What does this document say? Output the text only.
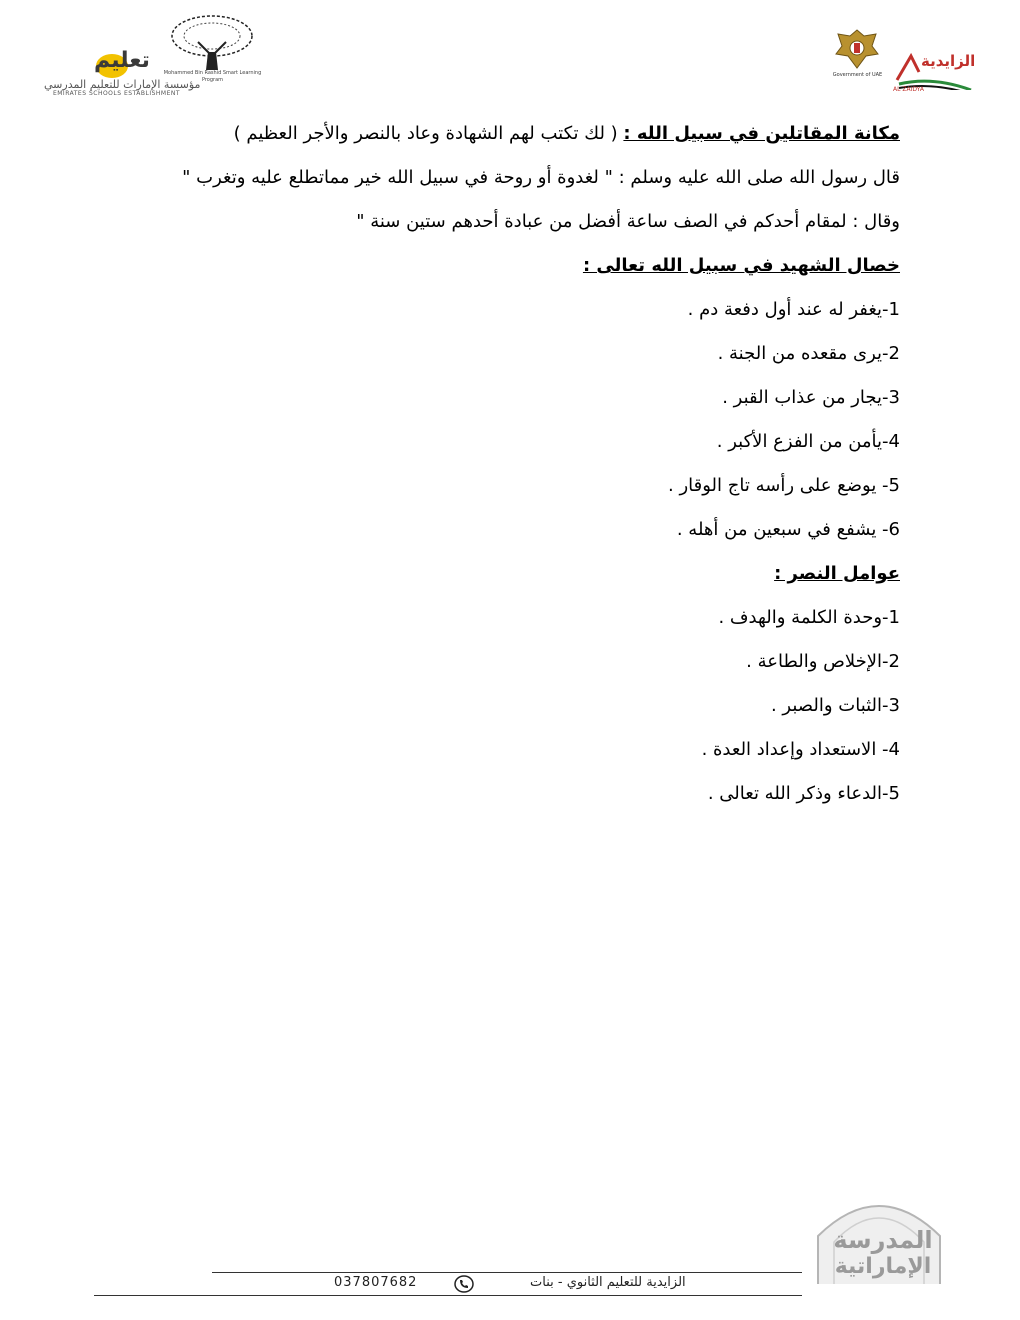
تعليم
مؤسسة الإمارات للتعليم المدرسي
EMIRATES SCHOOLS ESTABLISHMENT
Mohammed Bin Rashid Smart Learning Program
Government of UAE
الزايدية
AL ZAIDYA
مكانة المقاتلين في سبيل الله : ( لك تكتب لهم الشهادة وعاد بالنصر والأجر العظيم )
قال رسول الله صلى الله عليه وسلم : " لغدوة أو روحة في سبيل الله خير مماتطلع عليه وتغرب "
وقال : لمقام أحدكم في الصف ساعة أفضل من عبادة أحدهم ستين سنة "
خصال الشهيد في سبيل الله تعالى :
1-يغفر له عند أول دفعة دم .
2-يرى مقعده من الجنة .
3-يجار من عذاب القبر .
4-يأمن من الفزع الأكبر .
5- يوضع على رأسه تاج الوقار .
6- يشفع في سبعين من أهله .
عوامل النصر :
1-وحدة الكلمة والهدف .
2-الإخلاص والطاعة .
3-الثبات والصبر .
4- الاستعداد وإعداد العدة .
5-الدعاء وذكر الله تعالى .
المدرسة
الإماراتية
037807682	الزايدية للتعليم الثانوي - بنات
